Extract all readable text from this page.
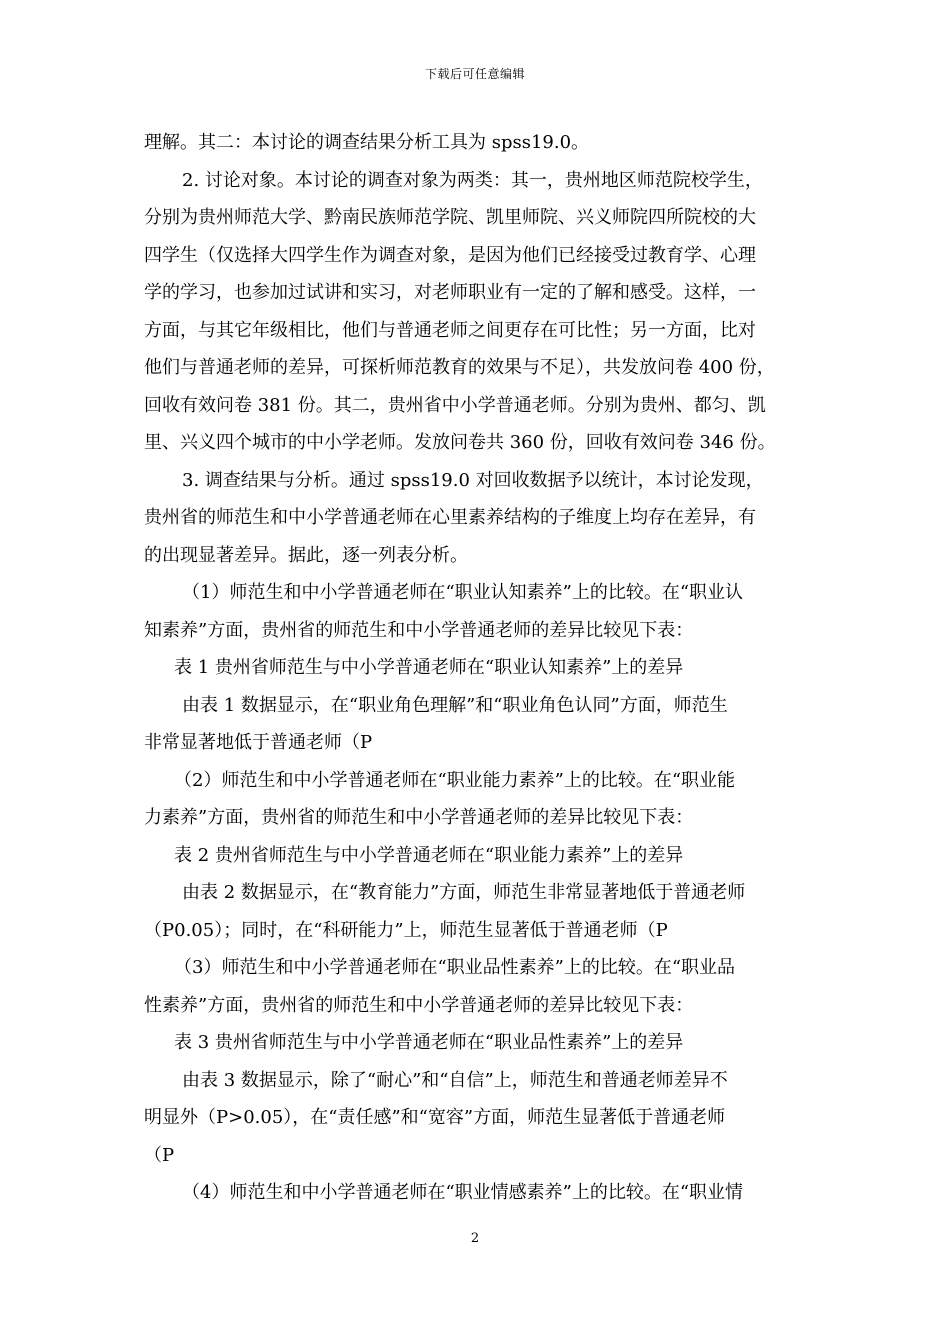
下载后可任意编辑
理解。其二：本讨论的调查结果分析工具为 spss19.0。
2. 讨论对象。本讨论的调查对象为两类：其一，贵州地区师范院校学生，
分别为贵州师范大学、黔南民族师范学院、凯里师院、兴义师院四所院校的大
四学生（仅选择大四学生作为调查对象，是因为他们已经接受过教育学、心理
学的学习，也参加过试讲和实习，对老师职业有一定的了解和感受。这样，一
方面，与其它年级相比，他们与普通老师之间更存在可比性；另一方面，比对
他们与普通老师的差异，可探析师范教育的效果与不足），共发放问卷 400 份，
回收有效问卷 381 份。其二，贵州省中小学普通老师。分别为贵州、都匀、凯
里、兴义四个城市的中小学老师。发放问卷共 360 份，回收有效问卷 346 份。
3. 调查结果与分析。通过 spss19.0 对回收数据予以统计，本讨论发现，
贵州省的师范生和中小学普通老师在心里素养结构的子维度上均存在差异，有
的出现显著差异。据此，逐一列表分析。
（1）师范生和中小学普通老师在“职业认知素养”上的比较。在“职业认
知素养”方面，贵州省的师范生和中小学普通老师的差异比较见下表：
表 1 贵州省师范生与中小学普通老师在“职业认知素养”上的差异
由表 1 数据显示，在“职业角色理解”和“职业角色认同”方面，师范生
非常显著地低于普通老师（P
（2）师范生和中小学普通老师在“职业能力素养”上的比较。在“职业能
力素养”方面，贵州省的师范生和中小学普通老师的差异比较见下表：
表 2 贵州省师范生与中小学普通老师在“职业能力素养”上的差异
由表 2 数据显示，在“教育能力”方面，师范生非常显著地低于普通老师
（P0.05）；同时，在“科研能力”上，师范生显著低于普通老师（P
（3）师范生和中小学普通老师在“职业品性素养”上的比较。在“职业品
性素养”方面，贵州省的师范生和中小学普通老师的差异比较见下表：
表 3 贵州省师范生与中小学普通老师在“职业品性素养”上的差异
由表 3 数据显示，除了“耐心”和“自信”上，师范生和普通老师差异不
明显外（P>0.05），在“责任感”和“宽容”方面，师范生显著低于普通老师
（P
（4）师范生和中小学普通老师在“职业情感素养”上的比较。在“职业情
2
